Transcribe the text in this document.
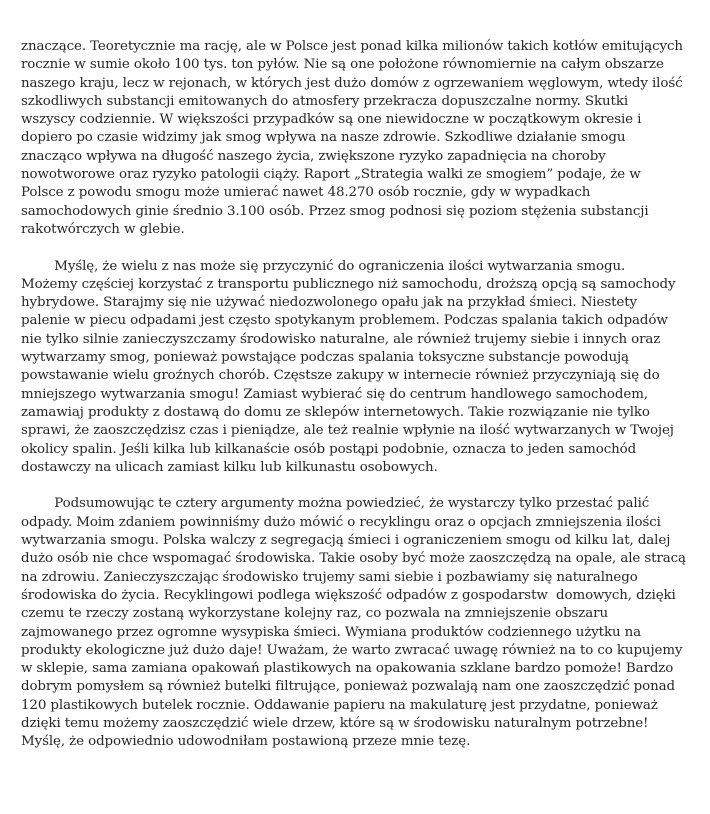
znaczące. Teoretycznie ma rację, ale w Polsce jest ponad kilka milionów takich kotłów emitujących
rocznie w sumie około 100 tys. ton pyłów. Nie są one położone równomiernie na całym obszarze
naszego kraju, lecz w rejonach, w których jest dużo domów z ogrzewaniem węglowym, wtedy ilość
szkodliwych substancji emitowanych do atmosfery przekracza dopuszczalne normy. Skutki
wszyscy codziennie. W większości przypadków są one niewidoczne w początkowym okresie i
dopiero po czasie widzimy jak smog wpływa na nasze zdrowie. Szkodliwe działanie smogu
znacząco wpływa na długość naszego życia, zwiększone ryzyko zapadnięcia na choroby
nowotworowe oraz ryzyko patologii ciąży. Raport „Strategia walki ze smogiem” podaje, że w
Polsce z powodu smogu może umierać nawet 48.270 osób rocznie, gdy w wypadkach
samochodowych ginie średnio 3.100 osób. Przez smog podnosi się poziom stężenia substancji
rakotwórczych w glebie.
Myślę, że wielu z nas może się przyczynić do ograniczenia ilości wytwarzania smogu.
Możemy częściej korzystać z transportu publicznego niż samochodu, droższą opcją są samochody
hybrydowe. Starajmy się nie używać niedozwolonego opału jak na przykład śmieci. Niestety
palenie w piecu odpadami jest często spotykanym problemem. Podczas spalania takich odpadów
nie tylko silnie zanieczyszczamy środowisko naturalne, ale również trujemy siebie i innych oraz
wytwarzamy smog, ponieważ powstające podczas spalania toksyczne substancje powodują
powstawanie wielu groźnych chorób. Częstsze zakupy w internecie również przyczyniają się do
mniejszego wytwarzania smogu! Zamiast wybierać się do centrum handlowego samochodem,
zamawiaj produkty z dostawą do domu ze sklepów internetowych. Takie rozwiązanie nie tylko
sprawi, że zaoszczędzisz czas i pieniądze, ale też realnie wpłynie na ilość wytwarzanych w Twojej
okolicy spalin. Jeśli kilka lub kilkanaście osób postąpi podobnie, oznacza to jeden samochód
dostawczy na ulicach zamiast kilku lub kilkunastu osobowych.
Podsumowując te cztery argumenty można powiedzieć, że wystarczy tylko przestać palić
odpady. Moim zdaniem powinniśmy dużo mówić o recyklingu oraz o opcjach zmniejszenia ilości
wytwarzania smogu. Polska walczy z segregacją śmieci i ograniczeniem smogu od kilku lat, dalej
dużo osób nie chce wspomagać środowiska. Takie osoby być może zaoszczędzą na opale, ale stracą
na zdrowiu. Zanieczyszczając środowisko trujemy sami siebie i pozbawiamy się naturalnego
środowiska do życia. Recyklingowi podlega większość odpadów z gospodarstw  domowych, dzięki
czemu te rzeczy zostaną wykorzystane kolejny raz, co pozwala na zmniejszenie obszaru
zajmowanego przez ogromne wysypiska śmieci. Wymiana produktów codziennego użytku na
produkty ekologiczne już dużo daje! Uważam, że warto zwracać uwagę również na to co kupujemy
w sklepie, sama zamiana opakowań plastikowych na opakowania szklane bardzo pomoże! Bardzo
dobrym pomysłem są również butelki filtrujące, ponieważ pozwalają nam one zaoszczędzić ponad
120 plastikowych butelek rocznie. Oddawanie papieru na makulaturę jest przydatne, ponieważ
dzięki temu możemy zaoszczędzić wiele drzew, które są w środowisku naturalnym potrzebne!
Myślę, że odpowiednio udowodniłam postawioną przeze mnie tezę.
